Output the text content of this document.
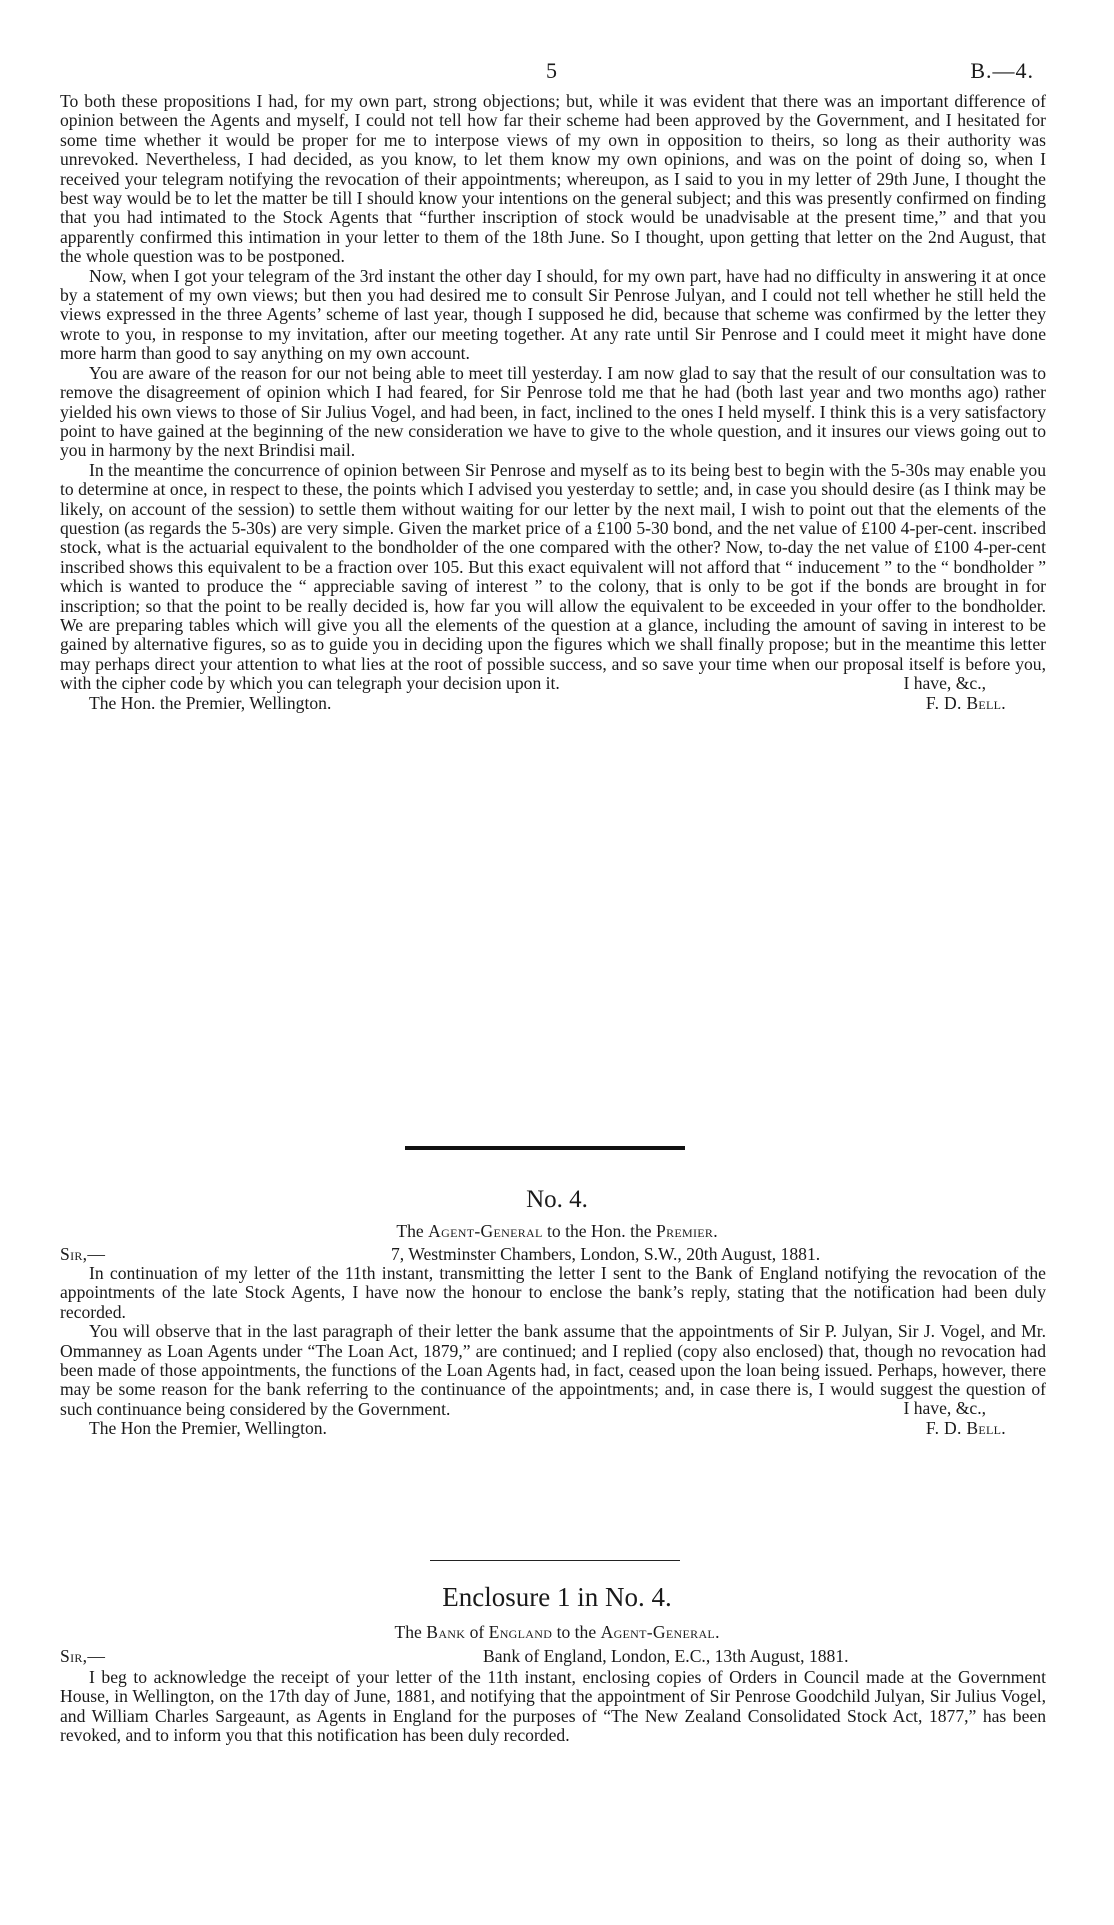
5	B.—4.

To both these propositions I had, for my own part, strong objections; but, while it was evident that there was an important difference of opinion between the Agents and myself, I could not tell how far their scheme had been approved by the Government, and I hesitated for some time whether it would be proper for me to interpose views of my own in opposition to theirs, so long as their authority was unrevoked. Nevertheless, I had decided, as you know, to let them know my own opinions, and was on the point of doing so, when I received your telegram notifying the revocation of their appointments; whereupon, as I said to you in my letter of 29th June, I thought the best way would be to let the matter be till I should know your intentions on the general subject; and this was presently confirmed on finding that you had intimated to the Stock Agents that “further inscription of stock would be unadvisable at the present time,” and that you apparently confirmed this intimation in your letter to them of the 18th June. So I thought, upon getting that letter on the 2nd August, that the whole question was to be postponed.

Now, when I got your telegram of the 3rd instant the other day I should, for my own part, have had no difficulty in answering it at once by a statement of my own views; but then you had desired me to consult Sir Penrose Julyan, and I could not tell whether he still held the views expressed in the three Agents’ scheme of last year, though I supposed he did, because that scheme was confirmed by the letter they wrote to you, in response to my invitation, after our meeting together. At any rate until Sir Penrose and I could meet it might have done more harm than good to say anything on my own account.

You are aware of the reason for our not being able to meet till yesterday. I am now glad to say that the result of our consultation was to remove the disagreement of opinion which I had feared, for Sir Penrose told me that he had (both last year and two months ago) rather yielded his own views to those of Sir Julius Vogel, and had been, in fact, inclined to the ones I held myself. I think this is a very satisfactory point to have gained at the beginning of the new consideration we have to give to the whole question, and it insures our views going out to you in harmony by the next Brindisi mail.

In the meantime the concurrence of opinion between Sir Penrose and myself as to its being best to begin with the 5-30s may enable you to determine at once, in respect to these, the points which I advised you yesterday to settle; and, in case you should desire (as I think may be likely, on account of the session) to settle them without waiting for our letter by the next mail, I wish to point out that the elements of the question (as regards the 5-30s) are very simple. Given the market price of a £100 5-30 bond, and the net value of £100 4-per-cent. inscribed stock, what is the actuarial equivalent to the bondholder of the one compared with the other? Now, to-day the net value of £100 4-per-cent inscribed shows this equivalent to be a fraction over 105. But this exact equivalent will not afford that “ inducement ” to the “ bondholder ” which is wanted to produce the “ appreciable saving of interest ” to the colony, that is only to be got if the bonds are brought in for inscription; so that the point to be really decided is, how far you will allow the equivalent to be exceeded in your offer to the bondholder. We are preparing tables which will give you all the elements of the question at a glance, including the amount of saving in interest to be gained by alternative figures, so as to guide you in deciding upon the figures which we shall finally propose; but in the meantime this letter may perhaps direct your attention to what lies at the root of possible success, and so save your time when our proposal itself is before you, with the cipher code by which you can telegraph your decision upon it.

The Hon. the Premier, Wellington.
I have, &c.,
F. D. Bell.
No. 4.
The Agent-General to the Hon. the Premier.
Sir,—	7, Westminster Chambers, London, S.W., 20th August, 1881.

In continuation of my letter of the 11th instant, transmitting the letter I sent to the Bank of England notifying the revocation of the appointments of the late Stock Agents, I have now the honour to enclose the bank’s reply, stating that the notification had been duly recorded.

You will observe that in the last paragraph of their letter the bank assume that the appointments of Sir P. Julyan, Sir J. Vogel, and Mr. Ommanney as Loan Agents under “The Loan Act, 1879,” are continued; and I replied (copy also enclosed) that, though no revocation had been made of those appointments, the functions of the Loan Agents had, in fact, ceased upon the loan being issued. Perhaps, however, there may be some reason for the bank referring to the continuance of the appointments; and, in case there is, I would suggest the question of such continuance being considered by the Government.

The Hon the Premier, Wellington.
I have, &c.,
F. D. Bell.
Enclosure 1 in No. 4.
The Bank of England to the Agent-General.
Sir,—	Bank of England, London, E.C., 13th August, 1881.

I beg to acknowledge the receipt of your letter of the 11th instant, enclosing copies of Orders in Council made at the Government House, in Wellington, on the 17th day of June, 1881, and notifying that the appointment of Sir Penrose Goodchild Julyan, Sir Julius Vogel, and William Charles Sargeaunt, as Agents in England for the purposes of “The New Zealand Consolidated Stock Act, 1877,” has been revoked, and to inform you that this notification has been duly recorded.
